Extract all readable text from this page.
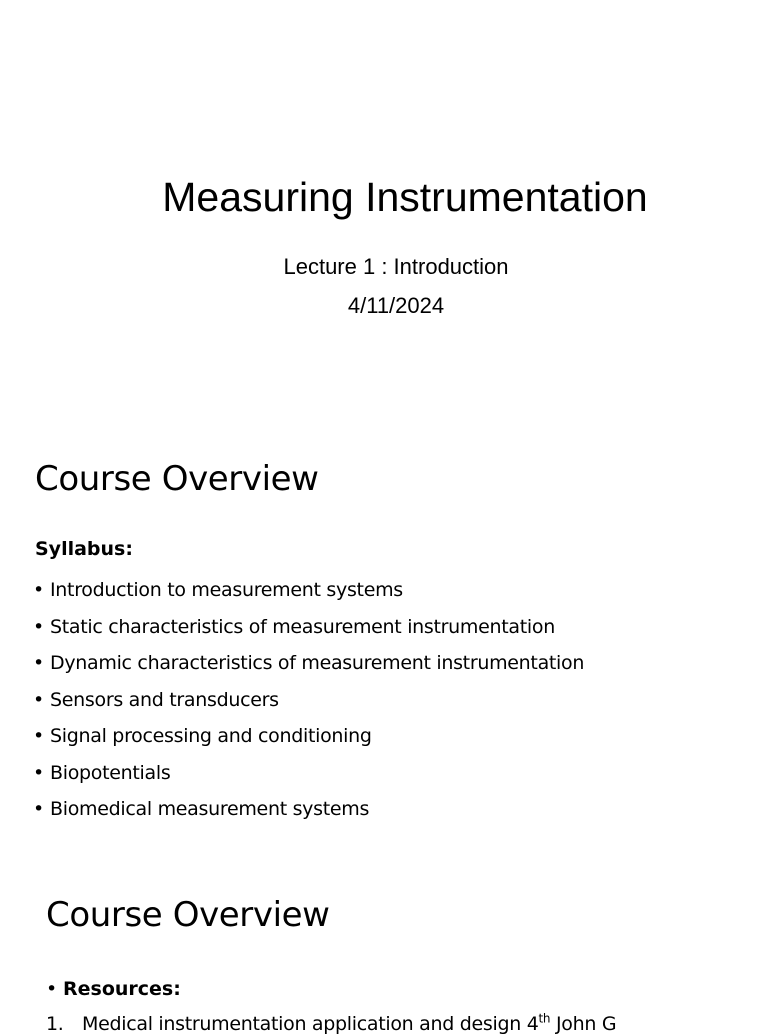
Measuring Instrumentation

Lecture 1 : Introduction

4/11/2024

Course Overview

Syllabus:

• Introduction to measurement systems
• Static characteristics of measurement instrumentation
• Dynamic characteristics of measurement instrumentation
• Sensors and transducers
• Signal processing and conditioning
• Biopotentials
• Biomedical measurement systems
Course Overview

• Resources:

1. Medical instrumentation application and design 4th John G
